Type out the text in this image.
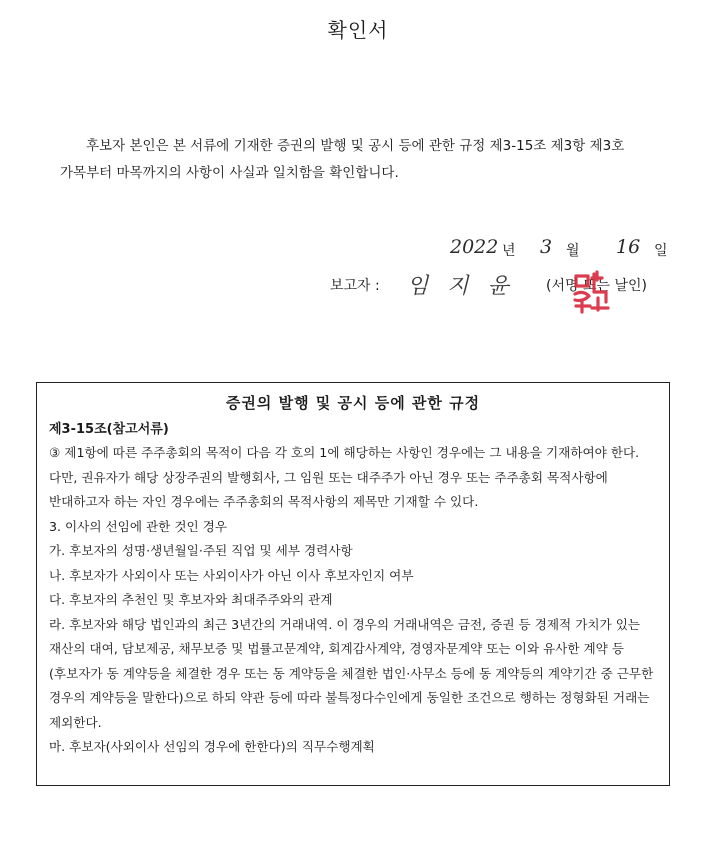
확인서
후보자 본인은 본 서류에 기재한 증권의 발행 및 공시 등에 관한 규정 제3-15조 제3항 제3호 가목부터 마목까지의 사항이 사실과 일치함을 확인합니다.
2022 년 3 월 16 일
보고자 : 임 지 윤 (서명 또는 날인)
증권의 발행 및 공시 등에 관한 규정
제3-15조(참고서류)
③ 제1항에 따른 주주총회의 목적이 다음 각 호의 1에 해당하는 사항인 경우에는 그 내용을 기재하여야 한다. 다만, 권유자가 해당 상장주권의 발행회사, 그 임원 또는 대주주가 아닌 경우 또는 주주총회 목적사항에 반대하고자 하는 자인 경우에는 주주총회의 목적사항의 제목만 기재할 수 있다.
3. 이사의 선임에 관한 것인 경우
가. 후보자의 성명·생년월일·주된 직업 및 세부 경력사항
나. 후보자가 사외이사 또는 사외이사가 아닌 이사 후보자인지 여부
다. 후보자의 추천인 및 후보자와 최대주주와의 관계
라. 후보자와 해당 법인과의 최근 3년간의 거래내역. 이 경우의 거래내역은 금전, 증권 등 경제적 가치가 있는 재산의 대여, 담보제공, 채무보증 및 법률고문계약, 회계감사계약, 경영자문계약 또는 이와 유사한 계약 등(후보자가 동 계약등을 체결한 경우 또는 동 계약등을 체결한 법인·사무소 등에 동 계약등의 계약기간 중 근무한 경우의 계약등을 말한다)으로 하되 약관 등에 따라 불특정다수인에게 동일한 조건으로 행하는 정형화된 거래는 제외한다.
마. 후보자(사외이사 선임의 경우에 한한다)의 직무수행계획
